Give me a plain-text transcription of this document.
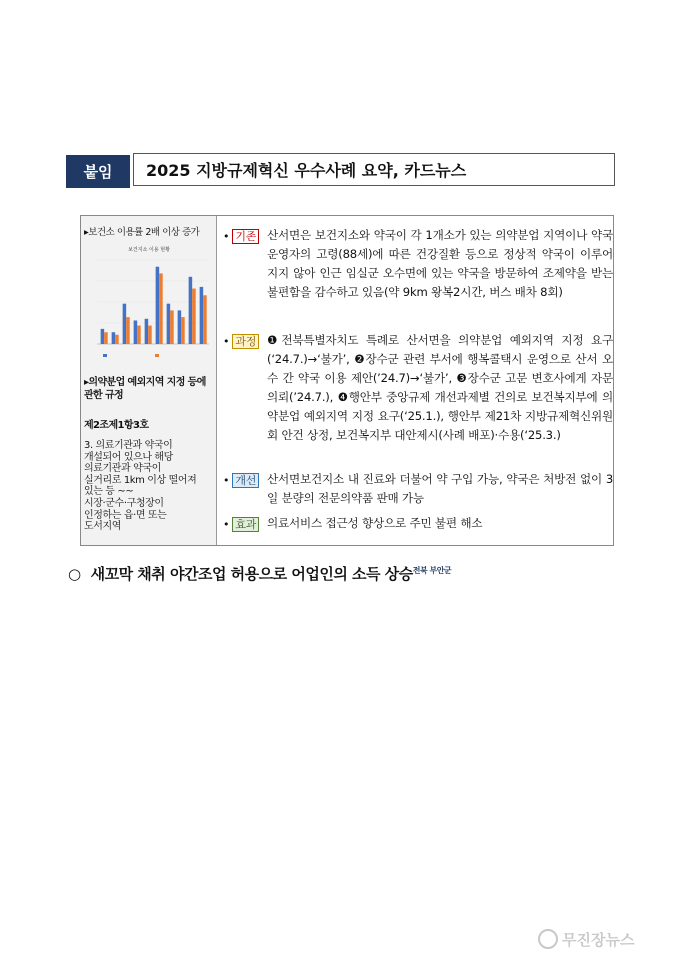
붙임	2025 지방규제혁신 우수사례 요약, 카드뉴스
▸보건소 이용률 2배 이상 증가
보건지소 이용 현황
▸의약분업 예외지역 지정 등에 관한 규정
제2조제1항3호
3. 의료기관과 약국이
개설되어 있으나 해당
의료기관과 약국이
실거리로 1km 이상 떨어져
있는 등 ~~
시장·군수·구청장이
인정하는 읍·면 또는
도서지역
• 기존 산서면은 보건지소와 약국이 각 1개소가 있는 의약분업 지역이나 약국 운영자의 고령(88세)에 따른 건강질환 등으로 정상적 약국이 이루어 지지 않아 인근 임실군 오수면에 있는 약국을 방문하여 조제약을 받는 불편함을 감수하고 있음(약 9km 왕복2시간, 버스 배차 8회)
• 과정 ❶전북특별자치도 특례로 산서면을 의약분업 예외지역 지정 요구(‘24.7.)→‘불가’, ❷장수군 관련 부서에 행복콜택시 운영으로 산서 오수 간 약국 이용 제안(’24.7)→‘불가’, ❸장수군 고문 변호사에게 자문 의뢰(’24.7.), ❹행안부 중앙규제 개선과제별 건의로 보건복지부에 의약분업 예외지역 지정 요구(‘25.1.), 행안부 제21차 지방규제혁신위원회 안건 상정, 보건복지부 대안제시(사례 배포)·수용(‘25.3.)
• 개선 산서면보건지소 내 진료와 더불어 약 구입 가능, 약국은 처방전 없이 3일 분량의 전문의약품 판매 가능
• 효과 의료서비스 접근성 향상으로 주민 불편 해소
○ 새꼬막 채취 야간조업 허용으로 어업인의 소득 상승$^{전북 부안군}$
무진장뉴스
